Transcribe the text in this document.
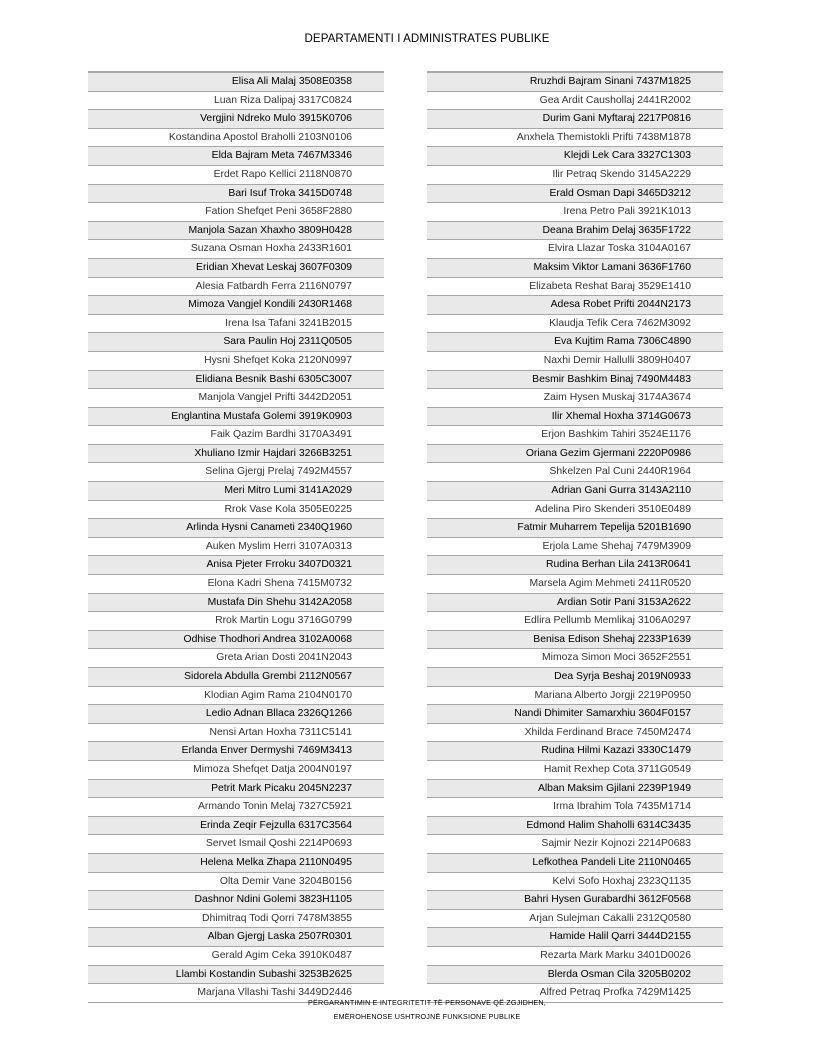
DEPARTAMENTI I ADMINISTRATES PUBLIKE
Elisa Ali Malaj 3508E0358
Luan Riza Dalipaj 3317C0824
Vergjini Ndreko Mulo 3915K0706
Kostandina Apostol Braholli 2103N0106
Elda Bajram Meta 7467M3346
Erdet Rapo Kellici 2118N0870
Bari Isuf Troka 3415D0748
Fation Shefqet Peni 3658F2880
Manjola Sazan Xhaxho 3809H0428
Suzana Osman Hoxha 2433R1601
Eridian Xhevat Leskaj 3607F0309
Alesia Fatbardh Ferra 2116N0797
Mimoza Vangjel Kondili 2430R1468
Irena Isa Tafani 3241B2015
Sara Paulin Hoj 2311Q0505
Hysni Shefqet Koka 2120N0997
Elidiana Besnik Bashi 6305C3007
Manjola Vangjel Prifti 3442D2051
Englantina Mustafa Golemi 3919K0903
Faik Qazim Bardhi 3170A3491
Xhuliano Izmir Hajdari 3266B3251
Selina Gjergj Prelaj 7492M4557
Meri Mitro Lumi 3141A2029
Rrok Vase Kola 3505E0225
Arlinda Hysni Canameti 2340Q1960
Auken Myslim Herri 3107A0313
Anisa Pjeter Frroku 3407D0321
Elona Kadri Shena 7415M0732
Mustafa Din Shehu 3142A2058
Rrok Martin Logu 3716G0799
Odhise Thodhori Andrea 3102A0068
Greta Arian Dosti 2041N2043
Sidorela Abdulla Grembi 2112N0567
Klodian Agim Rama 2104N0170
Ledio Adnan Bllaca 2326Q1266
Nensi Artan Hoxha 7311C5141
Erlanda Enver Dermyshi 7469M3413
Mimoza Shefqet Datja 2004N0197
Petrit Mark Picaku 2045N2237
Armando Tonin Melaj 7327C5921
Erinda Zeqir Fejzulla 6317C3564
Servet Ismail Qoshi 2214P0693
Helena Melka Zhapa 2110N0495
Olta Demir Vane 3204B0156
Dashnor Ndini Golemi 3823H1105
Dhimitraq Todi Qorri 7478M3855
Alban Gjergj Laska 2507R0301
Gerald Agim Ceka 3910K0487
Llambi Kostandin Subashi 3253B2625
Marjana Vllashi Tashi 3449D2446
Rruzhdi Bajram Sinani 7437M1825
Gea Ardit Caushollaj 2441R2002
Durim Gani Myftaraj 2217P0816
Anxhela Themistokli Prifti 7438M1878
Klejdi Lek Cara 3327C1303
Ilir Petraq Skendo 3145A2229
Erald Osman Dapi 3465D3212
Irena Petro Pali 3921K1013
Deana Brahim Delaj 3635F1722
Elvira Llazar Toska 3104A0167
Maksim Viktor Lamani 3636F1760
Elizabeta Reshat Baraj 3529E1410
Adesa Robet Prifti 2044N2173
Klaudja Tefik Cera 7462M3092
Eva Kujtim Rama 7306C4890
Naxhi Demir Hallulli 3809H0407
Besmir Bashkim Binaj 7490M4483
Zaim Hysen Muskaj 3174A3674
Ilir Xhemal Hoxha 3714G0673
Erjon Bashkim Tahiri 3524E1176
Oriana Gezim Gjermani 2220P0986
Shkelzen Pal Cuni 2440R1964
Adrian Gani Gurra 3143A2110
Adelina Piro Skenderi 3510E0489
Fatmir Muharrem Tepelija 5201B1690
Erjola Lame Shehaj 7479M3909
Rudina Berhan Lila 2413R0641
Marsela Agim Mehmeti 2411R0520
Ardian Sotir Pani 3153A2622
Edlira Pellumb Memlikaj 3106A0297
Benisa Edison Shehaj 2233P1639
Mimoza Simon Moci 3652F2551
Dea Syrja Beshaj 2019N0933
Mariana Alberto Jorgji 2219P0950
Nandi Dhimiter Samarxhiu 3604F0157
Xhilda Ferdinand Brace 7450M2474
Rudina Hilmi Kazazi 3330C1479
Hamit Rexhep Cota 3711G0549
Alban Maksim Gjilani 2239P1949
Irma Ibrahim Tola 7435M1714
Edmond Halim Shaholli 6314C3435
Sajmir Nezir Kojnozi 2214P0683
Lefkothea Pandeli Lite 2110N0465
Kelvi Sofo Hoxhaj 2323Q1135
Bahri Hysen Gurabardhi 3612F0568
Arjan Sulejman Cakalli 2312Q0580
Hamide Halil Qarri 3444D2155
Rezarta Mark Marku 3401D0026
Blerda Osman Cila 3205B0202
Alfred Petraq Profka 7429M1425
PËRGARANTIMIN E INTEGRITETIT TË PERSONAVE QË ZGJIDHEN,
EMËROHENOSE USHTROJNË FUNKSIONE PUBLIKE
